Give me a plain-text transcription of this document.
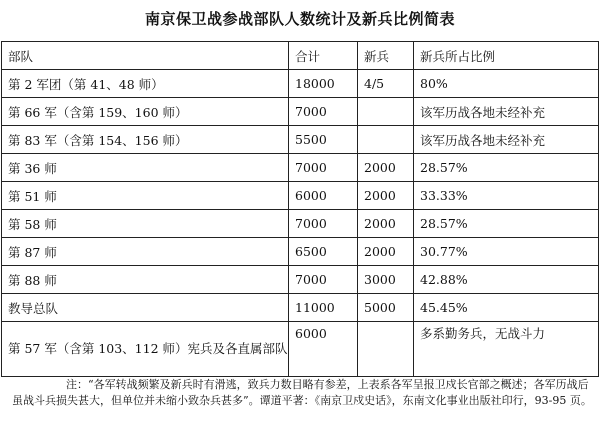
南京保卫战参战部队人数统计及新兵比例简表
部队	合计	新兵	新兵所占比例
第 2 军团（第 41、48 师）	18000	4/5	80%
第 66 军（含第 159、160 师）	7000		该军历战各地未经补充
第 83 军（含第 154、156 师）	5500		该军历战各地未经补充
第 36 师	7000	2000	28.57%
第 51 师	6000	2000	33.33%
第 58 师	7000	2000	28.57%
第 87 师	6500	2000	30.77%
第 88 师	7000	3000	42.88%
教导总队	11000	5000	45.45%
第 57 军（含第 103、112 师）宪兵及各直属部队	6000		多系勤务兵，无战斗力
注：“各军转战频繁及新兵时有滑逃，致兵力数目略有参差，上表系各军呈报卫戍长官部之概述；各军历战后虽战斗兵损失甚大，但单位并未缩小致杂兵甚多”。谭道平著：《南京卫戍史话》，东南文化事业出版社印行，93-95 页。
